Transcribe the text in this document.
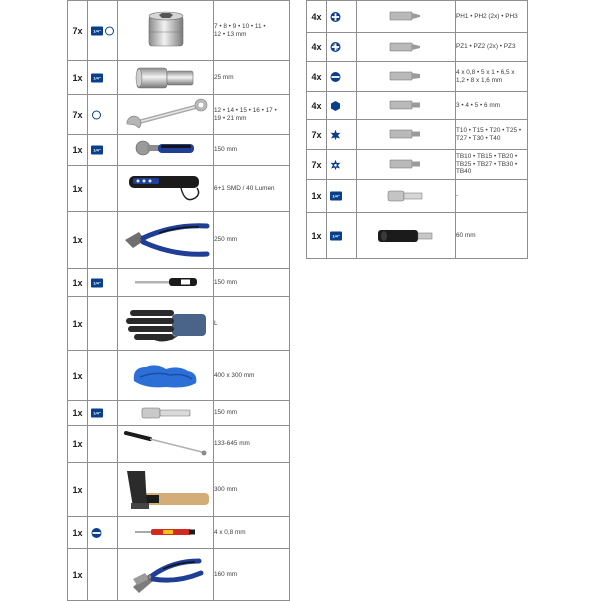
7x	1/4"		7 • 8 • 9 • 10 • 11 •
12 • 13 mm

1x	1/4"		25 mm

7x			12 • 14 • 15 • 16 • 17 •
19 • 21 mm

1x	1/4"		150 mm

1x			6+1 SMD / 40 Lumen

1x			250 mm

1x	1/4"		150 mm

1x			L

1x			400 x 300 mm

1x	1/4"		150 mm

1x			133-645 mm

1x			300 mm

1x			4 x 0,8 mm

1x			160 mm
4x			PH1 • PH2 (2x) • PH3

4x			PZ1 • PZ2 (2x) • PZ3

4x			4 x 0,8 • 5 x 1 • 6,5 x
1,2 • 8 x 1,6 mm

4x			3 • 4 • 5 • 6 mm

7x			T10 • T15 • T20 • T25 •
T27 • T30 • T40

7x			TB10 • TB15 • TB20 •
TB25 • TB27 • TB30 •
TB40

1x	1/4"		-

1x	1/4"		60 mm
